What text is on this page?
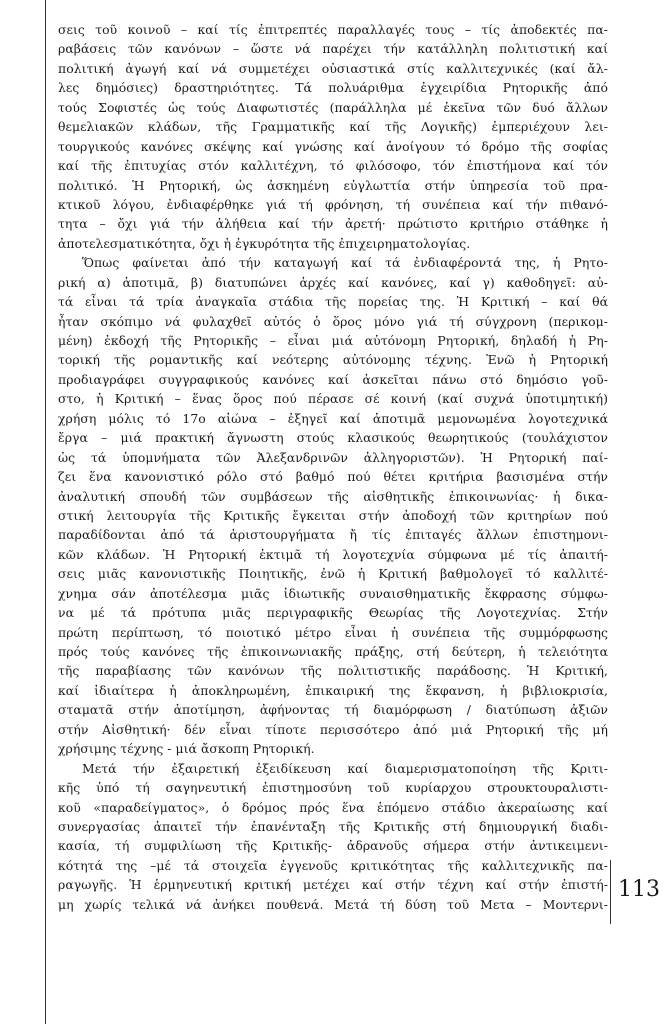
σεις τοῦ κοινοῦ – καί τίς ἐπιτρεπτές παραλλαγές τους – τίς ἀποδεκτές πα-
ραβάσεις τῶν κανόνων – ὥστε νά παρέχει τήν κατάλληλη πολιτιστική καί
πολιτική ἀγωγή καί νά συμμετέχει οὐσιαστικά στίς καλλιτεχνικές (καί ἄλ-
λες δημόσιες) δραστηριότητες. Τά πολυάριθμα ἐγχειρίδια Ρητορικῆς ἀπό
τούς Σοφιστές ὡς τούς Διαφωτιστές (παράλληλα μέ ἐκεῖνα τῶν δυό ἄλλων
θεμελιακῶν κλάδων, τῆς Γραμματικῆς καί τῆς Λογικῆς) ἐμπεριέχουν λει-
τουργικούς κανόνες σκέψης καί γνώσης καί ἀνοίγουν τό δρόμο τῆς σοφίας
καί τῆς ἐπιτυχίας στόν καλλιτέχνη, τό φιλόσοφο, τόν ἐπιστήμονα καί τόν
πολιτικό. Ἡ Ρητορική, ὡς ἀσκημένη εὐγλωττία στήν ὑπηρεσία τοῦ πρα-
κτικοῦ λόγου, ἐνδιαφέρθηκε γιά τή φρόνηση, τή συνέπεια καί τήν πιθανό-
τητα – ὄχι γιά τήν ἀλήθεια καί τήν ἀρετή· πρώτιστο κριτήριο στάθηκε ἡ
ἀποτελεσματικότητα, ὄχι ἡ ἐγκυρότητα τῆς ἐπιχειρηματολογίας.
Ὅπως φαίνεται ἀπό τήν καταγωγή καί τά ἐνδιαφέροντά της, ἡ Ρητο-
ρική α) ἀποτιμᾶ, β) διατυπώνει ἀρχές καί κανόνες, καί γ) καθοδηγεῖ: αὐ-
τά εἶναι τά τρία ἀναγκαῖα στάδια τῆς πορείας της. Ἡ Κριτική – καί θά
ἦταν σκόπιμο νά φυλαχθεῖ αὐτός ὁ ὅρος μόνο γιά τή σύγχρονη (περικομ-
μένη) ἐκδοχή τῆς Ρητορικῆς – εἶναι μιά αὐτόνομη Ρητορική, δηλαδή ἡ Ρη-
τορική τῆς ρομαντικῆς καί νεότερης αὐτόνομης τέχνης. Ἐνῶ ἡ Ρητορική
προδιαγράφει συγγραφικούς κανόνες καί ἀσκεῖται πάνω στό δημόσιο γοῦ-
στο, ἡ Κριτική – ἕνας ὅρος πού πέρασε σέ κοινή (καί συχνά ὑποτιμητική)
χρήση μόλις τό 17ο αἰώνα – ἐξηγεῖ καί ἀποτιμᾶ μεμονωμένα λογοτεχνικά
ἔργα – μιά πρακτική ἄγνωστη στούς κλασικούς θεωρητικούς (τουλάχιστον
ὡς τά ὑπομνήματα τῶν Ἀλεξανδρινῶν ἀλληγοριστῶν). Ἡ Ρητορική παί-
ζει ἕνα κανονιστικό ρόλο στό βαθμό πού θέτει κριτήρια βασισμένα στήν
ἀναλυτική σπουδή τῶν συμβάσεων τῆς αἰσθητικῆς ἐπικοινωνίας· ἡ δικα-
στική λειτουργία τῆς Κριτικῆς ἔγκειται στήν ἀποδοχή τῶν κριτηρίων πού
παραδίδονται ἀπό τά ἀριστουργήματα ἤ τίς ἐπιταγές ἄλλων ἐπιστημονι-
κῶν κλάδων. Ἡ Ρητορική ἐκτιμᾶ τή λογοτεχνία σύμφωνα μέ τίς ἀπαιτή-
σεις μιᾶς κανονιστικῆς Ποιητικῆς, ἐνῶ ἡ Κριτική βαθμολογεῖ τό καλλιτέ-
χνημα σάν ἀποτέλεσμα μιᾶς ἰδιωτικῆς συναισθηματικῆς ἔκφρασης σύμφω-
να μέ τά πρότυπα μιᾶς περιγραφικῆς Θεωρίας τῆς Λογοτεχνίας. Στήν
πρώτη περίπτωση, τό ποιοτικό μέτρο εἶναι ἡ συνέπεια τῆς συμμόρφωσης
πρός τούς κανόνες τῆς ἐπικοινωνιακῆς πράξης, στή δεύτερη, ἡ τελειότητα
τῆς παραβίασης τῶν κανόνων τῆς πολιτιστικῆς παράδοσης. Ἡ Κριτική,
καί ἰδιαίτερα ἡ ἀποκληρωμένη, ἐπικαιρική της ἔκφανση, ἡ βιβλιοκρισία,
σταματᾶ στήν ἀποτίμηση, ἀφήνοντας τή διαμόρφωση / διατύπωση ἀξιῶν
στήν Αἰσθητική· δέν εἶναι τίποτε περισσότερο ἀπό μιά Ρητορική τῆς μή
χρήσιμης τέχνης - μιά ἄσκοπη Ρητορική.
Μετά τήν ἐξαιρετική ἐξειδίκευση καί διαμερισματοποίηση τῆς Κριτι-
κῆς ὑπό τή σαγηνευτική ἐπιστημοσύνη τοῦ κυρίαρχου στρουκτουραλιστι-
κοῦ «παραδείγματος», ὁ δρόμος πρός ἕνα ἑπόμενο στάδιο ἀκεραίωσης καί
συνεργασίας ἀπαιτεῖ τήν ἐπανένταξη τῆς Κριτικῆς στή δημιουργική διαδι-
κασία, τή συμφιλίωση τῆς Κριτικῆς- ἀδρανοῦς σήμερα στήν ἀντικειμενι-
κότητά της –μέ τά στοιχεῖα ἐγγενοῦς κριτικότητας τῆς καλλιτεχνικῆς πα-
ραγωγῆς. Ἡ ἑρμηνευτική κριτική μετέχει καί στήν τέχνη καί στήν ἐπιστή-
μη χωρίς τελικά νά ἀνήκει πουθενά. Μετά τή δύση τοῦ Μετα – Μοντερνι-
113
